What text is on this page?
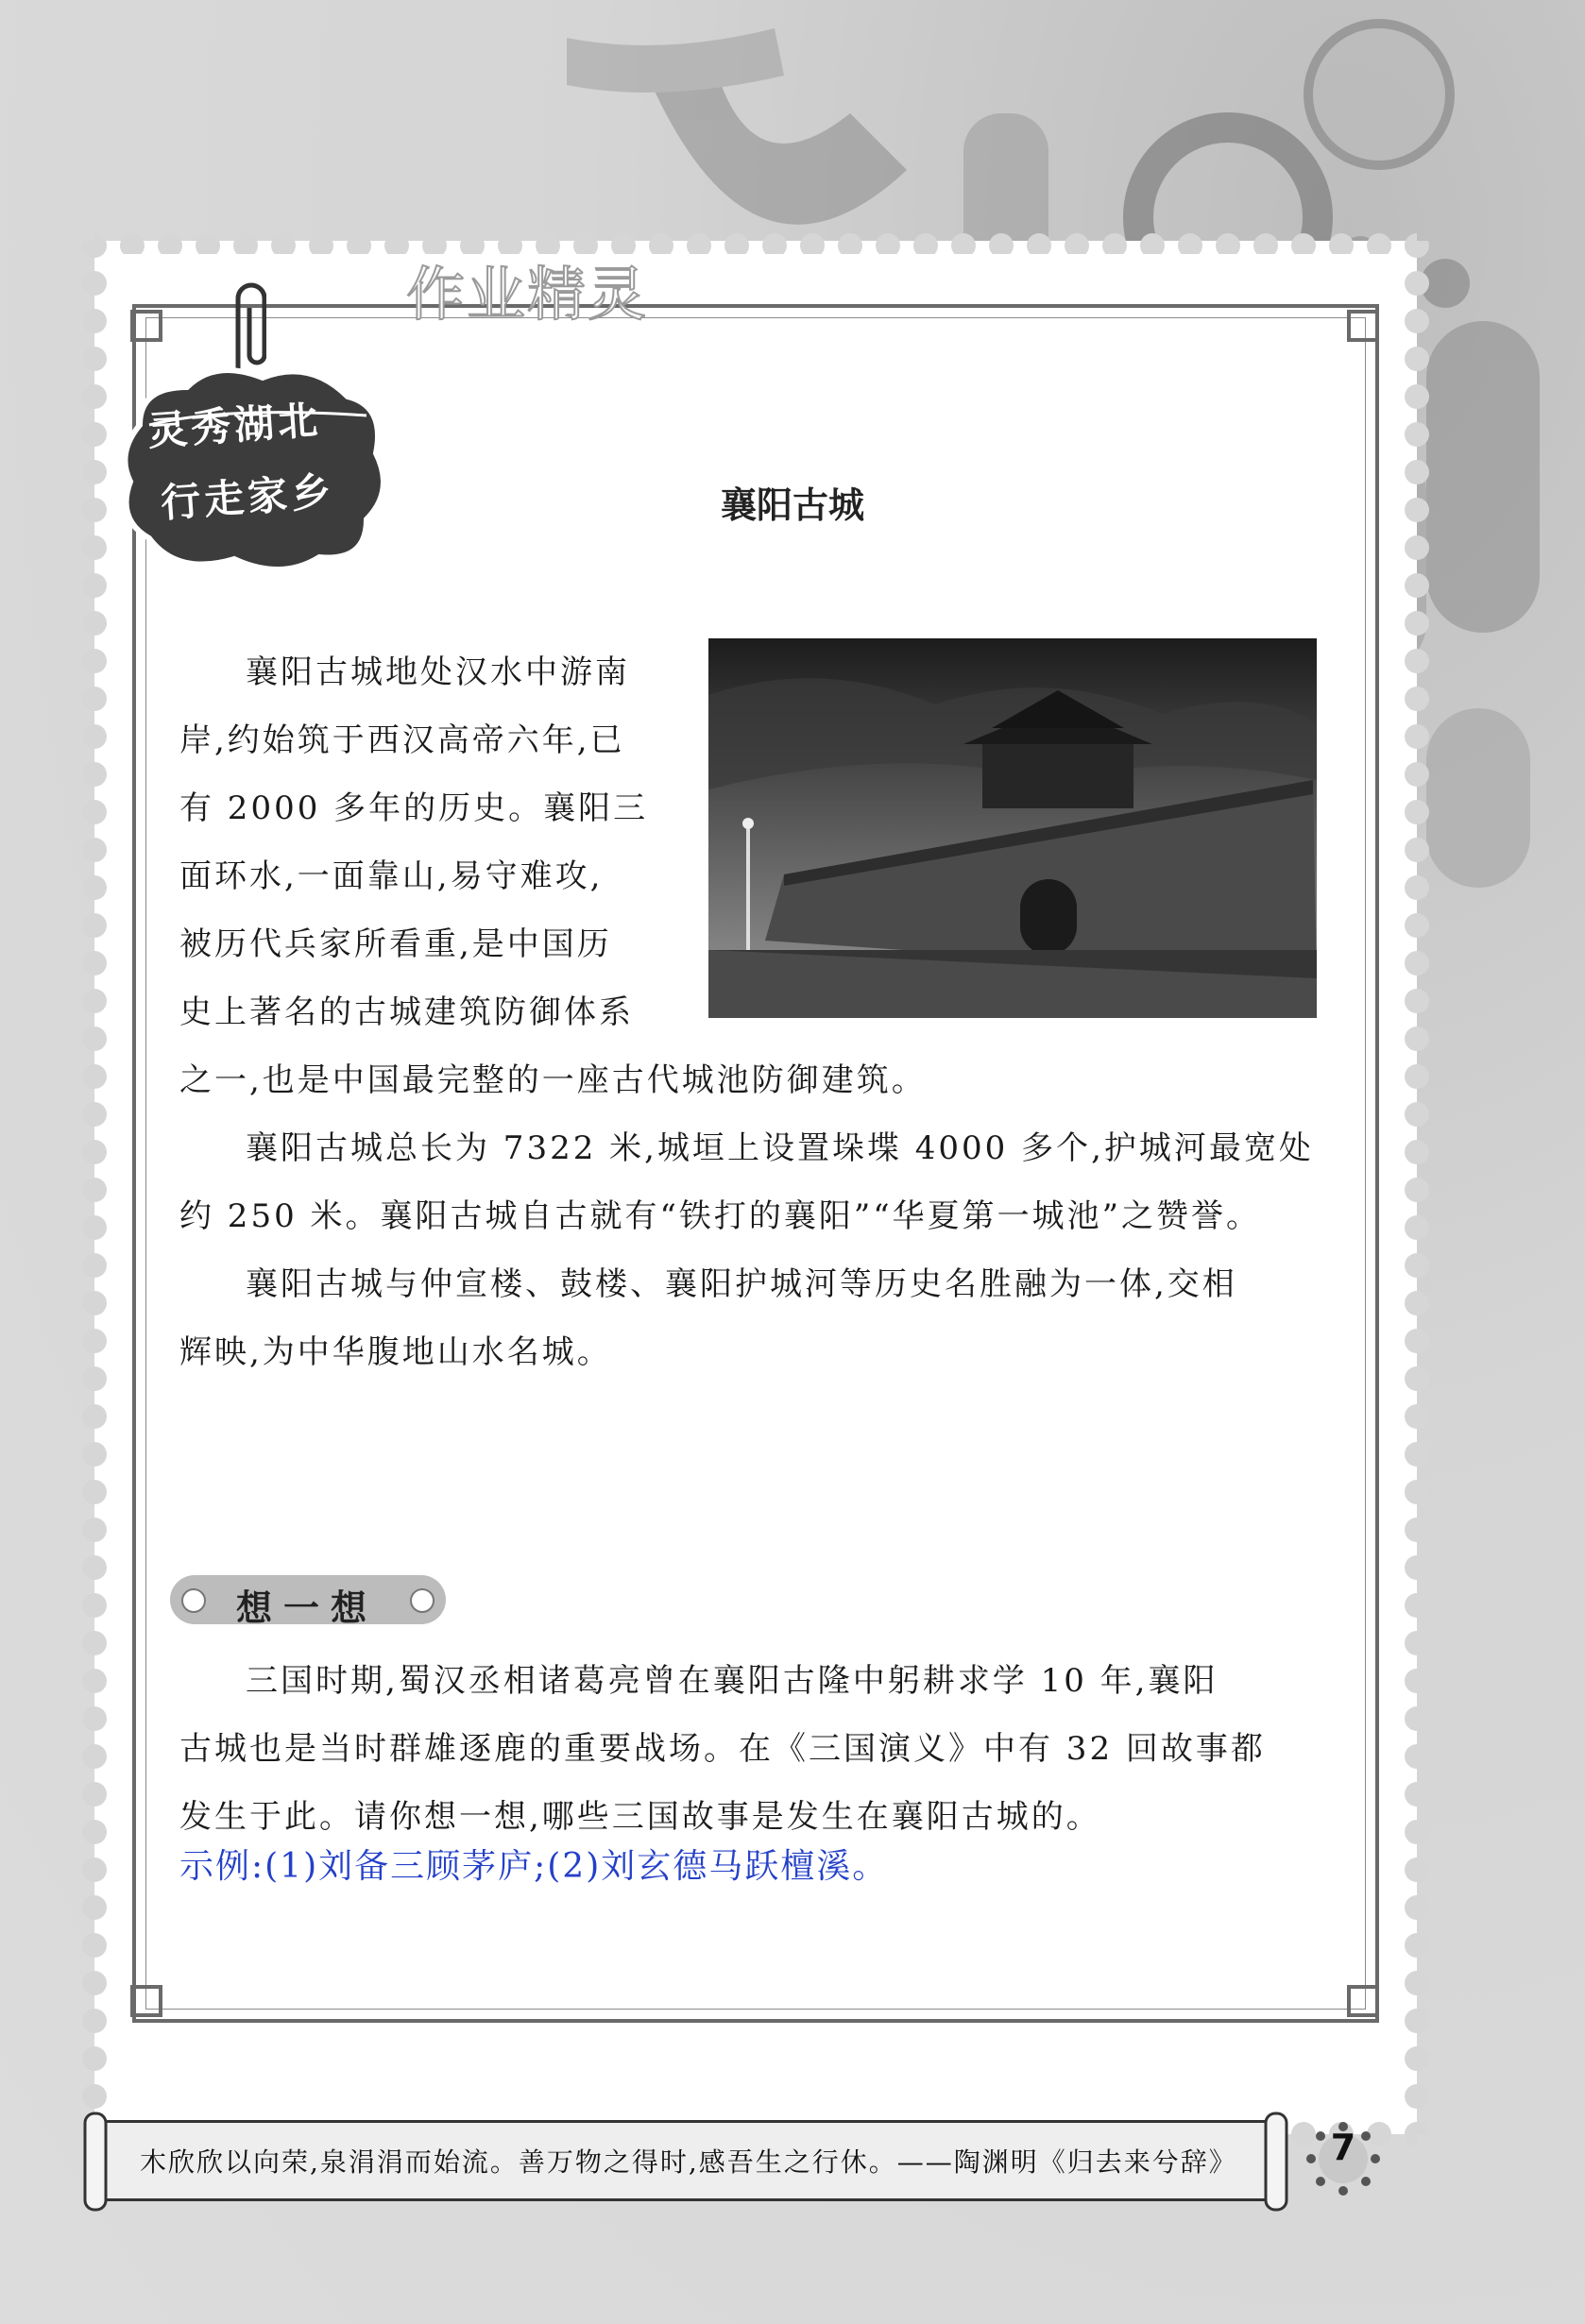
作业精灵
灵秀湖北
行走家乡	襄阳古城
襄阳古城地处汉水中游南
岸,约始筑于西汉高帝六年,已
有 2000 多年的历史。襄阳三
面环水,一面靠山,易守难攻,
被历代兵家所看重,是中国历
史上著名的古城建筑防御体系
之一,也是中国最完整的一座古代城池防御建筑。
襄阳古城总长为 7322 米,城垣上设置垛堞 4000 多个,护城河最宽处
约 250 米。襄阳古城自古就有“铁打的襄阳”“华夏第一城池”之赞誉。
襄阳古城与仲宣楼、鼓楼、襄阳护城河等历史名胜融为一体,交相
辉映,为中华腹地山水名城。
想一想
三国时期,蜀汉丞相诸葛亮曾在襄阳古隆中躬耕求学 10 年,襄阳
古城也是当时群雄逐鹿的重要战场。在《三国演义》中有 32 回故事都
发生于此。请你想一想,哪些三国故事是发生在襄阳古城的。
示例:(1)刘备三顾茅庐;(2)刘玄德马跃檀溪。
木欣欣以向荣,泉涓涓而始流。善万物之得时,感吾生之行休。——陶渊明《归去来兮辞》	7
